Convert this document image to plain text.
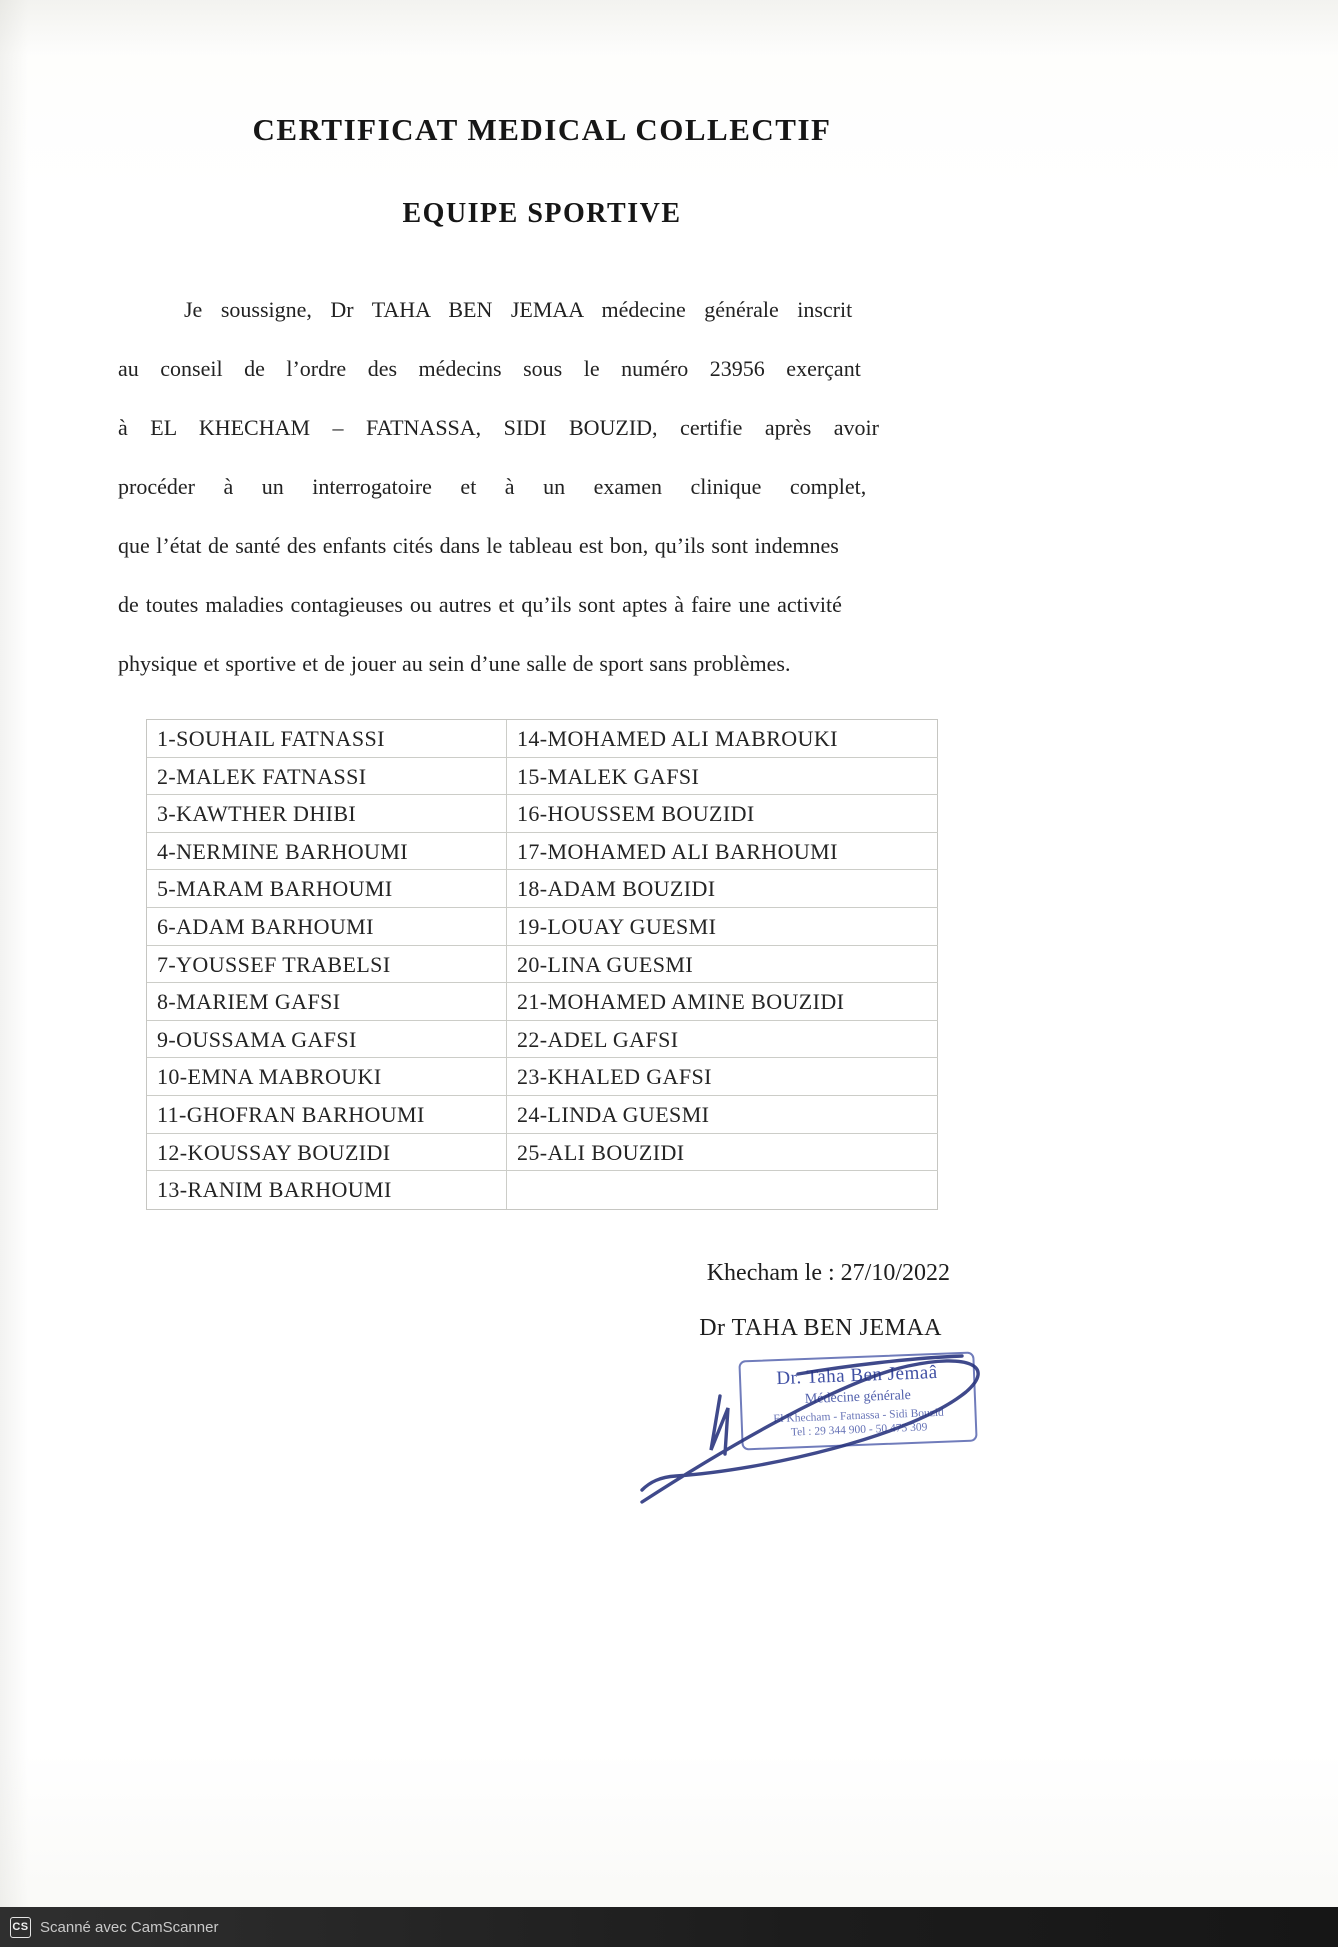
CERTIFICAT MEDICAL COLLECTIF
EQUIPE SPORTIVE
Je soussigne, Dr TAHA BEN JEMAA médecine générale inscrit
au conseil de l’ordre des médecins sous le numéro 23956 exerçant
à EL KHECHAM – FATNASSA, SIDI BOUZID, certifie après avoir
procéder à un interrogatoire et à un examen clinique complet,
que l’état de santé des enfants cités dans le tableau est bon, qu’ils sont indemnes
de toutes maladies contagieuses ou autres et qu’ils sont aptes à faire une activité
physique et sportive et de jouer au sein d’une salle de sport sans problèmes.
1-SOUHAIL FATNASSI	14-MOHAMED ALI MABROUKI
2-MALEK FATNASSI	15-MALEK GAFSI
3-KAWTHER DHIBI	16-HOUSSEM BOUZIDI
4-NERMINE BARHOUMI	17-MOHAMED ALI BARHOUMI
5-MARAM BARHOUMI	18-ADAM BOUZIDI
6-ADAM BARHOUMI	19-LOUAY GUESMI
7-YOUSSEF TRABELSI	20-LINA GUESMI
8-MARIEM GAFSI	21-MOHAMED AMINE BOUZIDI
9-OUSSAMA GAFSI	22-ADEL GAFSI
10-EMNA MABROUKI	23-KHALED GAFSI
11-GHOFRAN BARHOUMI	24-LINDA GUESMI
12-KOUSSAY BOUZIDI	25-ALI BOUZIDI
13-RANIM BARHOUMI
Khecham le : 27/10/2022
Dr TAHA BEN JEMAA
Dr. Taha Ben Jemaâ
Médecine générale
El Khecham - Fatnassa - Sidi Bouzid
Tel : 29 344 900 - 50 475 309
CS Scanné avec CamScanner
